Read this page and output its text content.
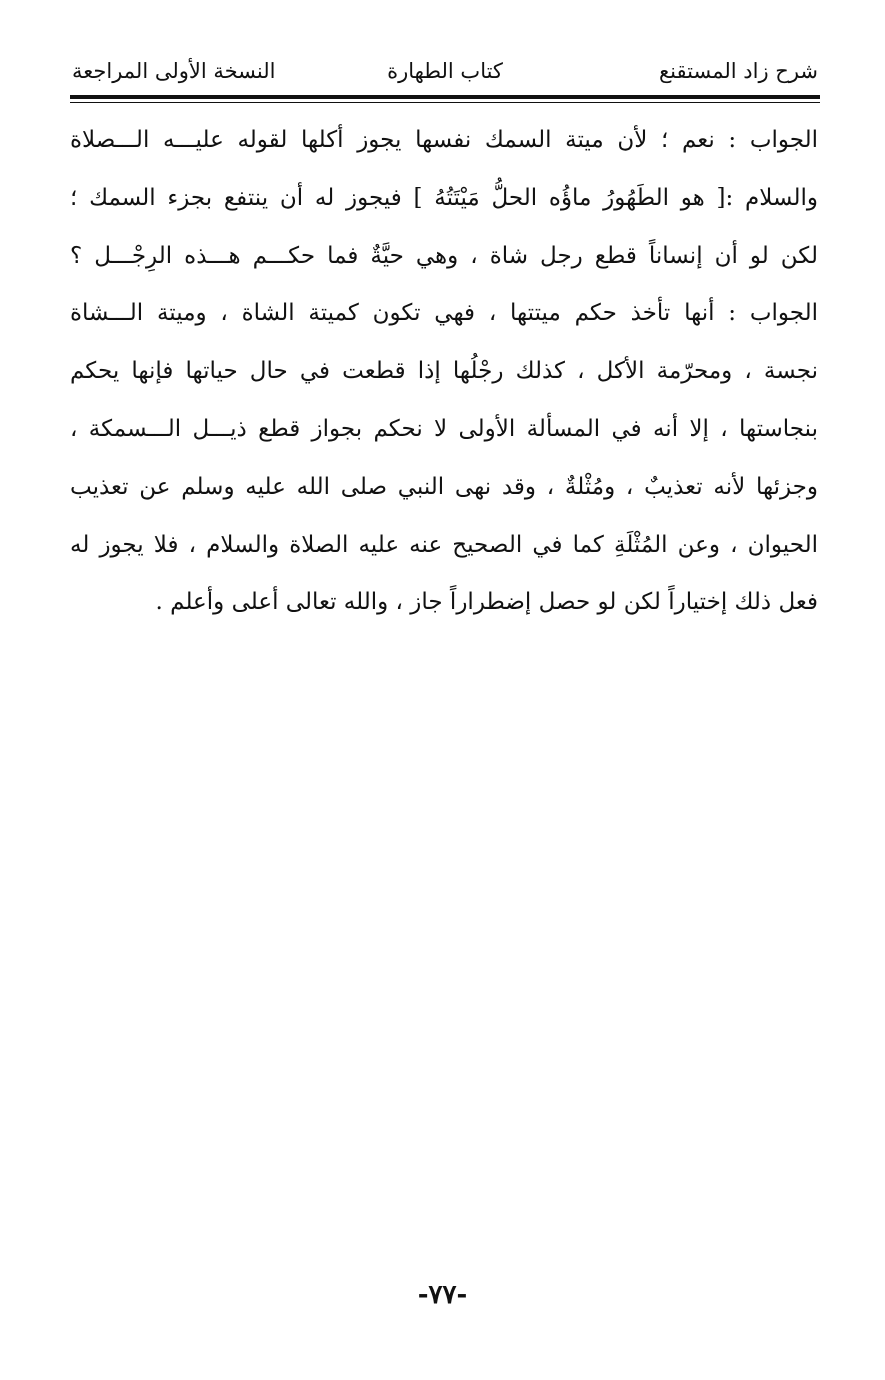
شرح زاد المستقنع
كتاب الطهارة
النسخة الأولى المراجعة
الجواب : نعم ؛ لأن ميتة السمك نفسها يجوز أكلها لقوله عليـــه الـــصلاة
والسلام :[ هو الطَهُورُ ماؤُه الحلُّ مَيْتَتُهُ ] فيجوز له أن ينتفع بجزء السمك ؛
لكن لو أن إنساناً قطع رجل شاة ، وهي حيَّةٌ فما حكـــم هـــذه الرِجْـــل ؟
الجواب : أنها تأخذ حكم ميتتها ، فهي تكون كميتة الشاة ، وميتة الـــشاة
نجسة ، ومحرّمة الأكل ، كذلك رجْلُها إذا قطعت في حال حياتها فإنها يحكم
بنجاستها ، إلا أنه في المسألة الأولى لا نحكم بجواز قطع ذيـــل الـــسمكة ،
وجزئها لأنه تعذيبٌ ، ومُثْلةٌ ، وقد نهى النبي صلى الله عليه وسلم عن تعذيب
الحيوان ، وعن المُثْلَةِ كما في الصحيح عنه عليه الصلاة والسلام ، فلا يجوز له
فعل ذلك إختياراً لكن لو حصل إضطراراً جاز ، والله تعالى أعلى وأعلم .
-٧٧-
